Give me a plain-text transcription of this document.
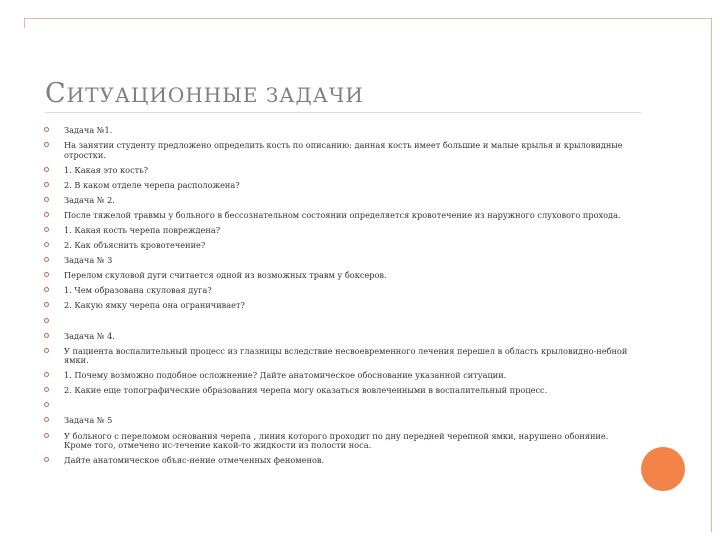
СИТУАЦИОННЫЕ ЗАДАЧИ
Задача №1.
На занятии студенту предложено определить кость по описанию: данная кость имеет большие и малые крылья и крыловидные отростки.
1. Какая это кость?
2. В каком отделе черепа расположена?
Задача № 2.
После тяжелой травмы у больного в бессознательном состоянии определяется кровотечение из наружного слухового прохода.
1. Какая кость черепа повреждена?
2. Как объяснить кровотечение?
Задача № 3
Перелом скуловой дуги считается одной из возможных травм у боксеров.
1. Чем образована скуловая дуга?
2. Какую ямку черепа она ограничивает?
Задача № 4.
У пациента воспалительный процесс из глазницы вследствие несвоевременного лечения перешел в область крыловидно-небной ямки.
1. Почему возможно подобное осложнение? Дайте анатомическое обоснование указанной ситуации.
2. Какие еще топографические образования черепа могу оказаться вовлеченными в воспалительный процесс.
Задача № 5
У больного с переломом основания черепа , линия которого проходит по дну передней черепной ямки, нарушено обоняние. Кроме того, отмечено ис-течение какой-то жидкости из полости носа.
Дайте анатомическое объяс-нение отмеченных феноменов.
